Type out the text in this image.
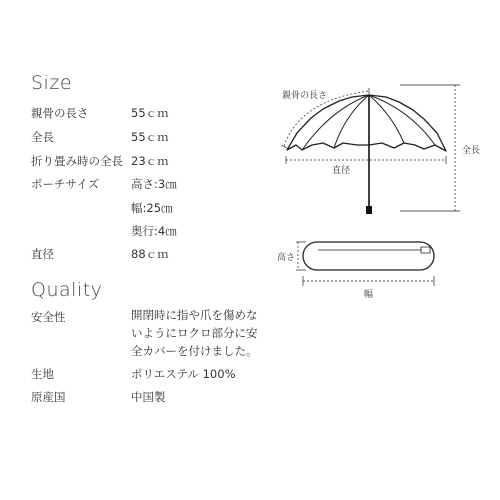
Size
親骨の長さ	55ｃｍ
全長	55ｃｍ
折り畳み時の全長 23ｃｍ
ポーチサイズ	高さ:3㎝
幅:25㎝
奥行:4㎝
直径	88ｃｍ
Quality
安全性	開閉時に指や爪を傷めないようにロクロ部分に安全カバーを付けました。
生地	ポリエステル 100%
原産国	中国製
親骨の長さ
直径
全長
高さ
幅
